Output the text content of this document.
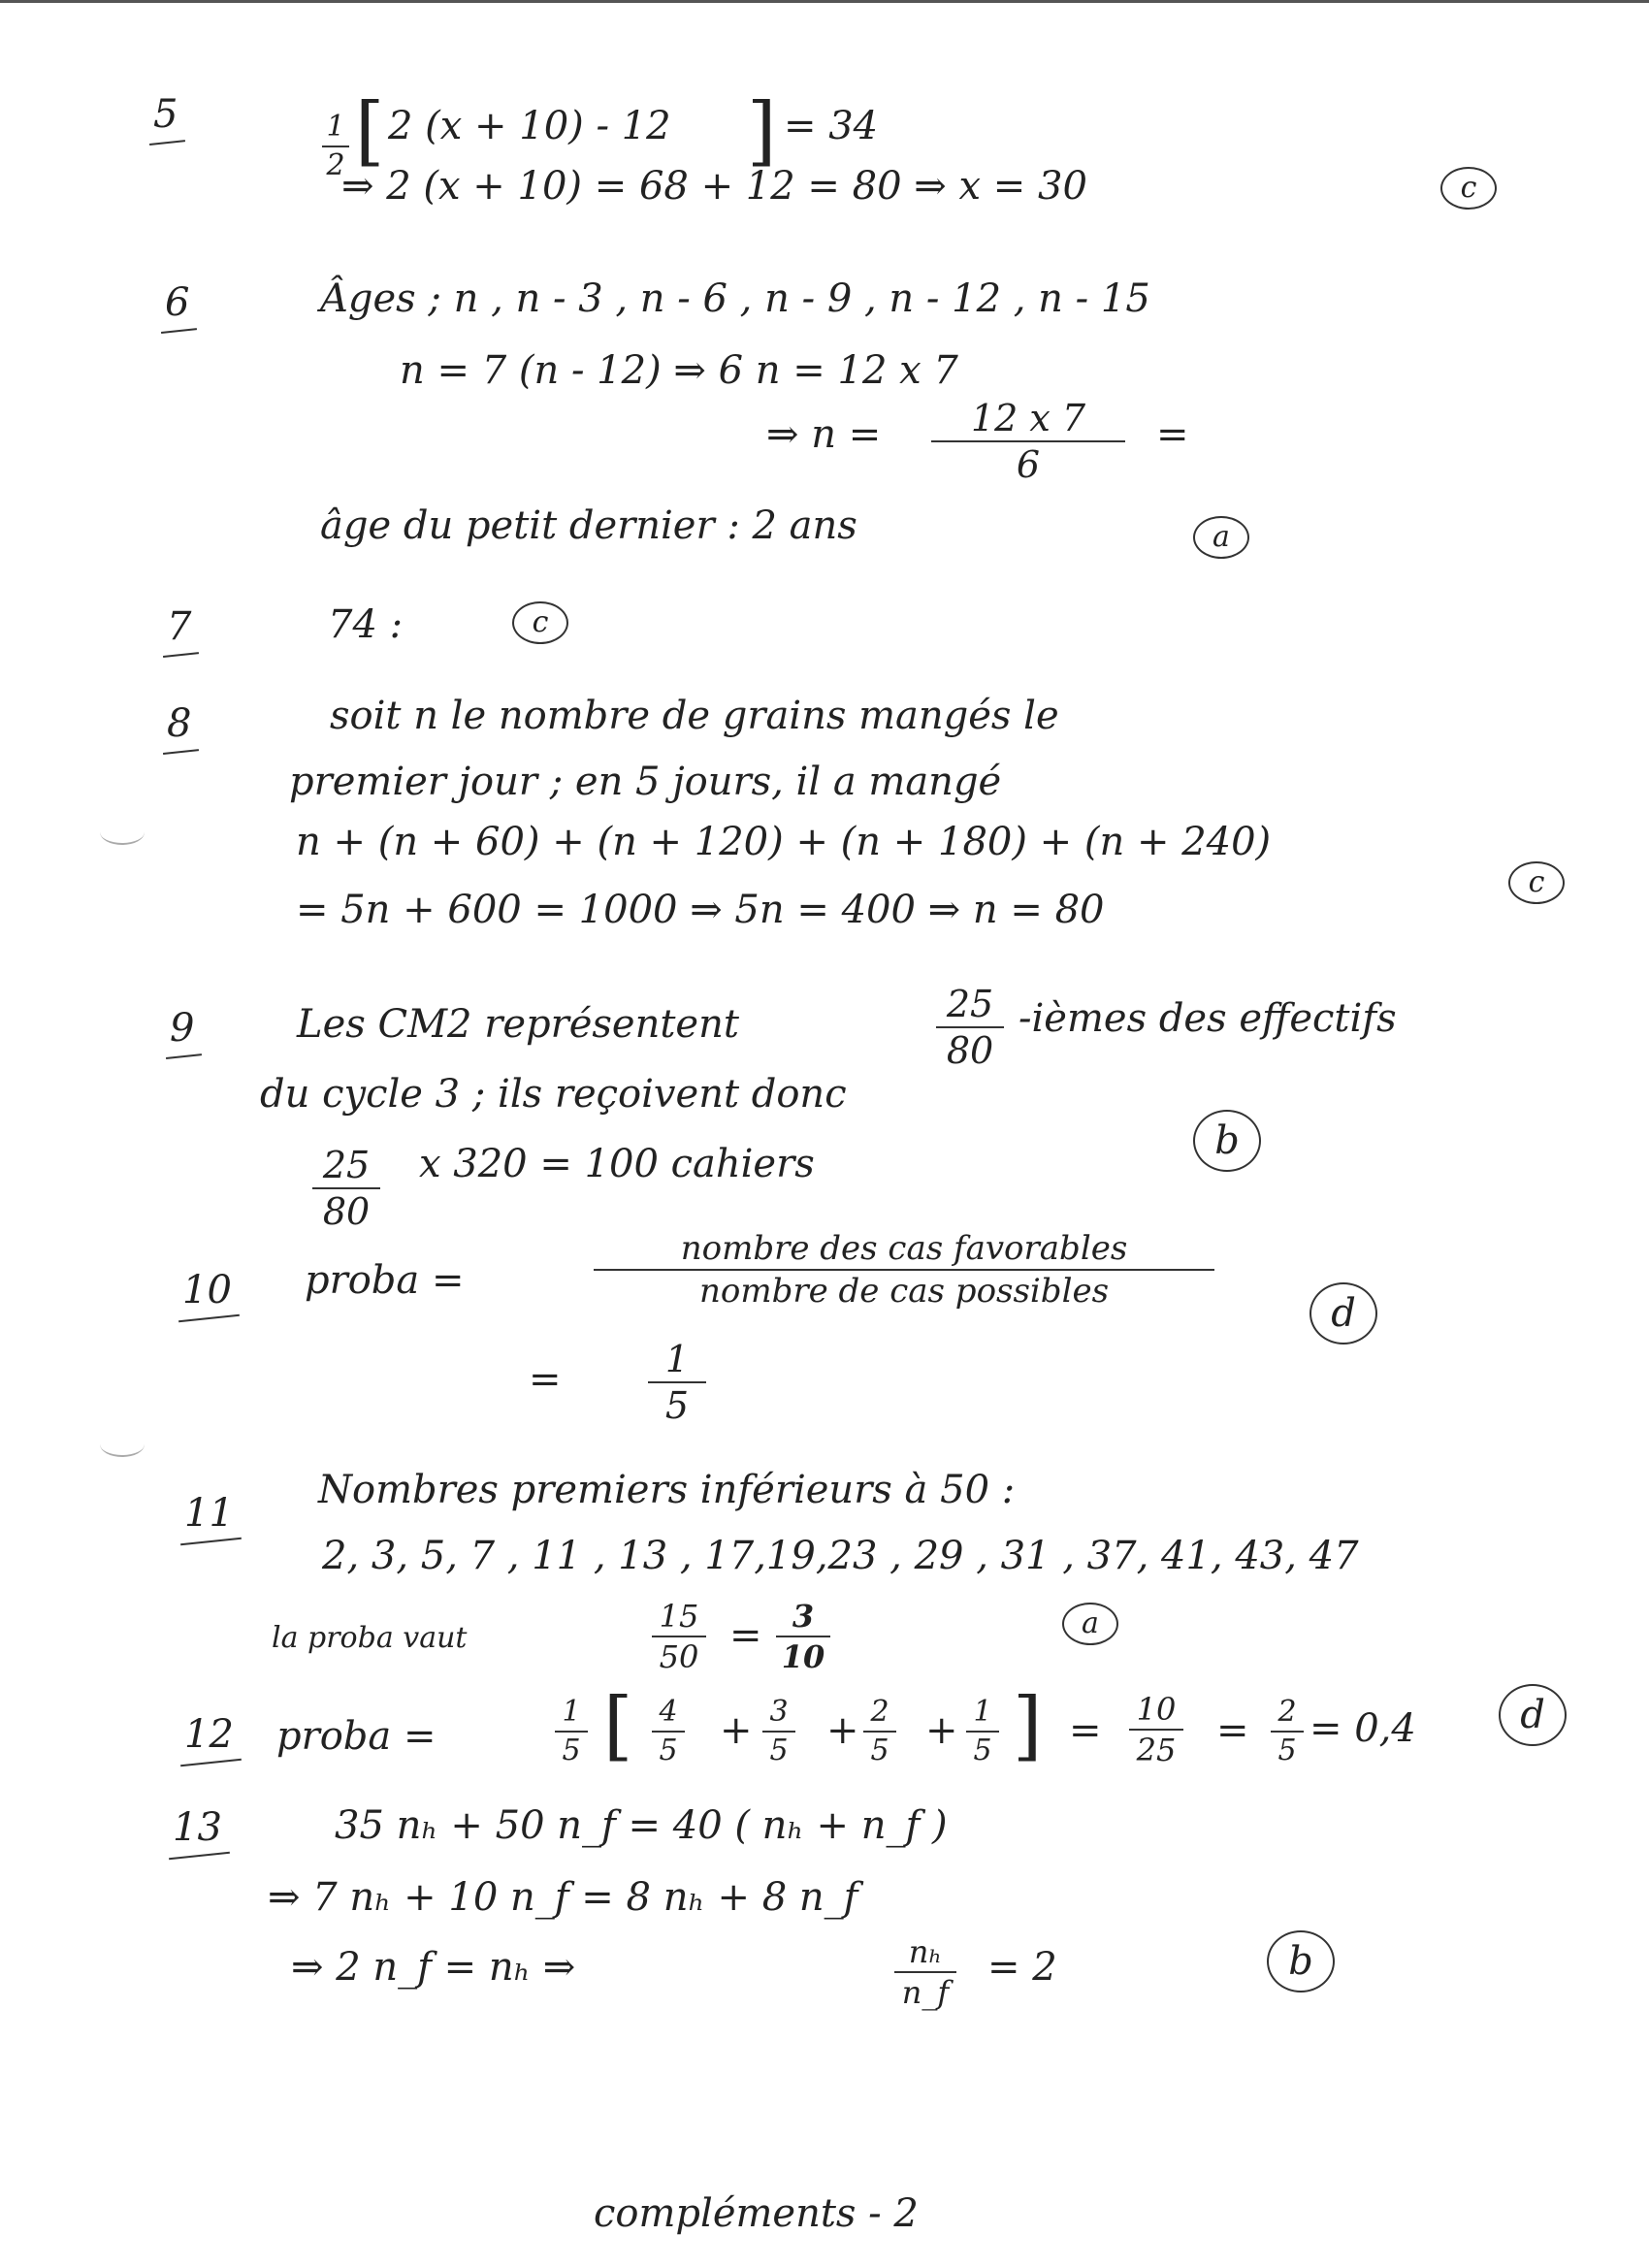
5	1
2 [ 2 (x + 10) - 12 ] = 34
⇒ 2 (x + 10) = 68 + 12 = 80 ⇒ x = 30	c
6	Âges ; n , n - 3 , n - 6 , n - 9 , n - 12 , n - 15
n = 7 (n - 12) ⇒ 6 n = 12 x 7
⇒ n =	12 x 7
6
=
âge du petit dernier : 2 ans	a
7	74 :	c
8	soit n le nombre de grains mangés le
premier jour ; en 5 jours, il a mangé
n + (n + 60) + (n + 120) + (n + 180) + (n + 240)
= 5n + 600 = 1000 ⇒ 5n = 400 ⇒ n = 80
c
9	Les CM2 représentent	25
80
-ièmes des effectifs
du cycle 3 ; ils reçoivent donc
25
80
x 320 = 100 cahiers
b
10 proba =
nombre des cas favorables
nombre de cas possibles
=	1
5
d
11
Nombres premiers inférieurs à 50 :
2, 3, 5, 7 , 11 , 13 , 17,19,23 , 29 , 31 , 37, 41, 43, 47
la proba vaut
15
50 = 3
10
a
12 proba =
1
5 [ 4
5 + 3
5 + 2
5 + 1
5 ] = 10
25 = 2
5 = 0,4	d
13	35 nₕ + 50 n_f = 40 ( nₕ + n_f )
⇒ 7 nₕ + 10 n_f = 8 nₕ + 8 n_f
⇒ 2 n_f = nₕ ⇒	nₕ
n_f
= 2	b
compléments - 2
